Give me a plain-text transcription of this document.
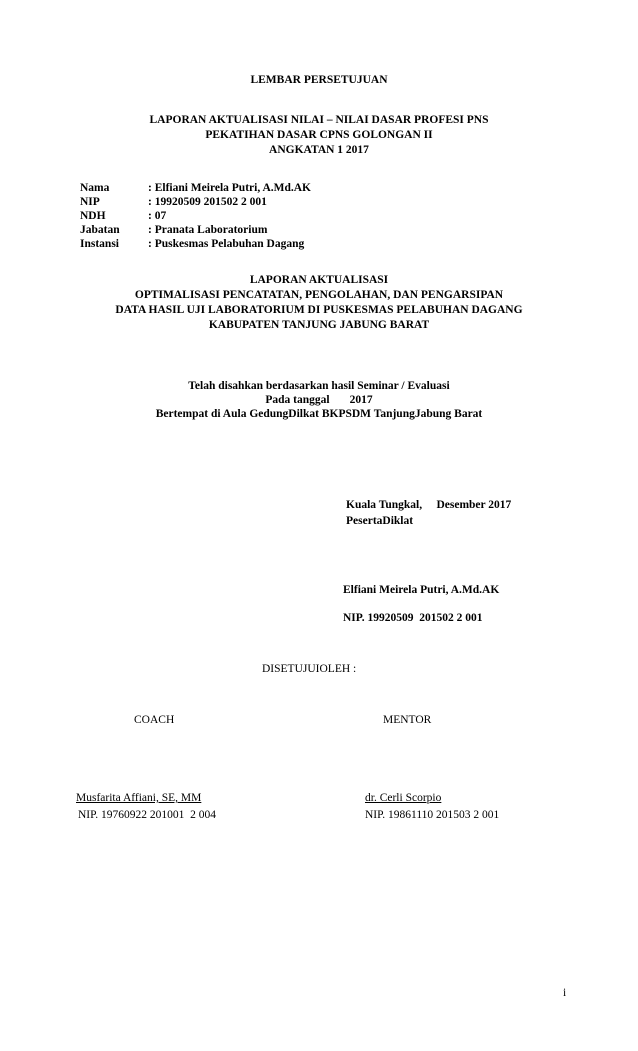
LEMBAR PERSETUJUAN
LAPORAN AKTUALISASI NILAI – NILAI DASAR PROFESI PNS
PEKATIHAN DASAR CPNS GOLONGAN II
ANGKATAN 1 2017
Nama	: Elfiani Meirela Putri, A.Md.AK
NIP	: 19920509 201502 2 001
NDH	: 07
Jabatan : Pranata Laboratorium
Instansi	: Puskesmas Pelabuhan Dagang
LAPORAN AKTUALISASI
OPTIMALISASI PENCATATAN, PENGOLAHAN, DAN PENGARSIPAN
DATA HASIL UJI LABORATORIUM DI PUSKESMAS PELABUHAN DAGANG
KABUPATEN TANJUNG JABUNG BARAT
Telah disahkan berdasarkan hasil Seminar / Evaluasi
Pada tanggal       2017
Bertempat di Aula GedungDilkat BKPSDM TanjungJabung Barat
Kuala Tungkal,     Desember 2017
PesertaDiklat
Elfiani Meirela Putri, A.Md.AK
NIP. 19920509  201502 2 001
DISETUJUIOLEH :
COACH	MENTOR
Musfarita Affiani, SE, MM	dr. Cerli Scorpio
NIP. 19760922 201001  2 004	NIP. 19861110 201503 2 001
i
